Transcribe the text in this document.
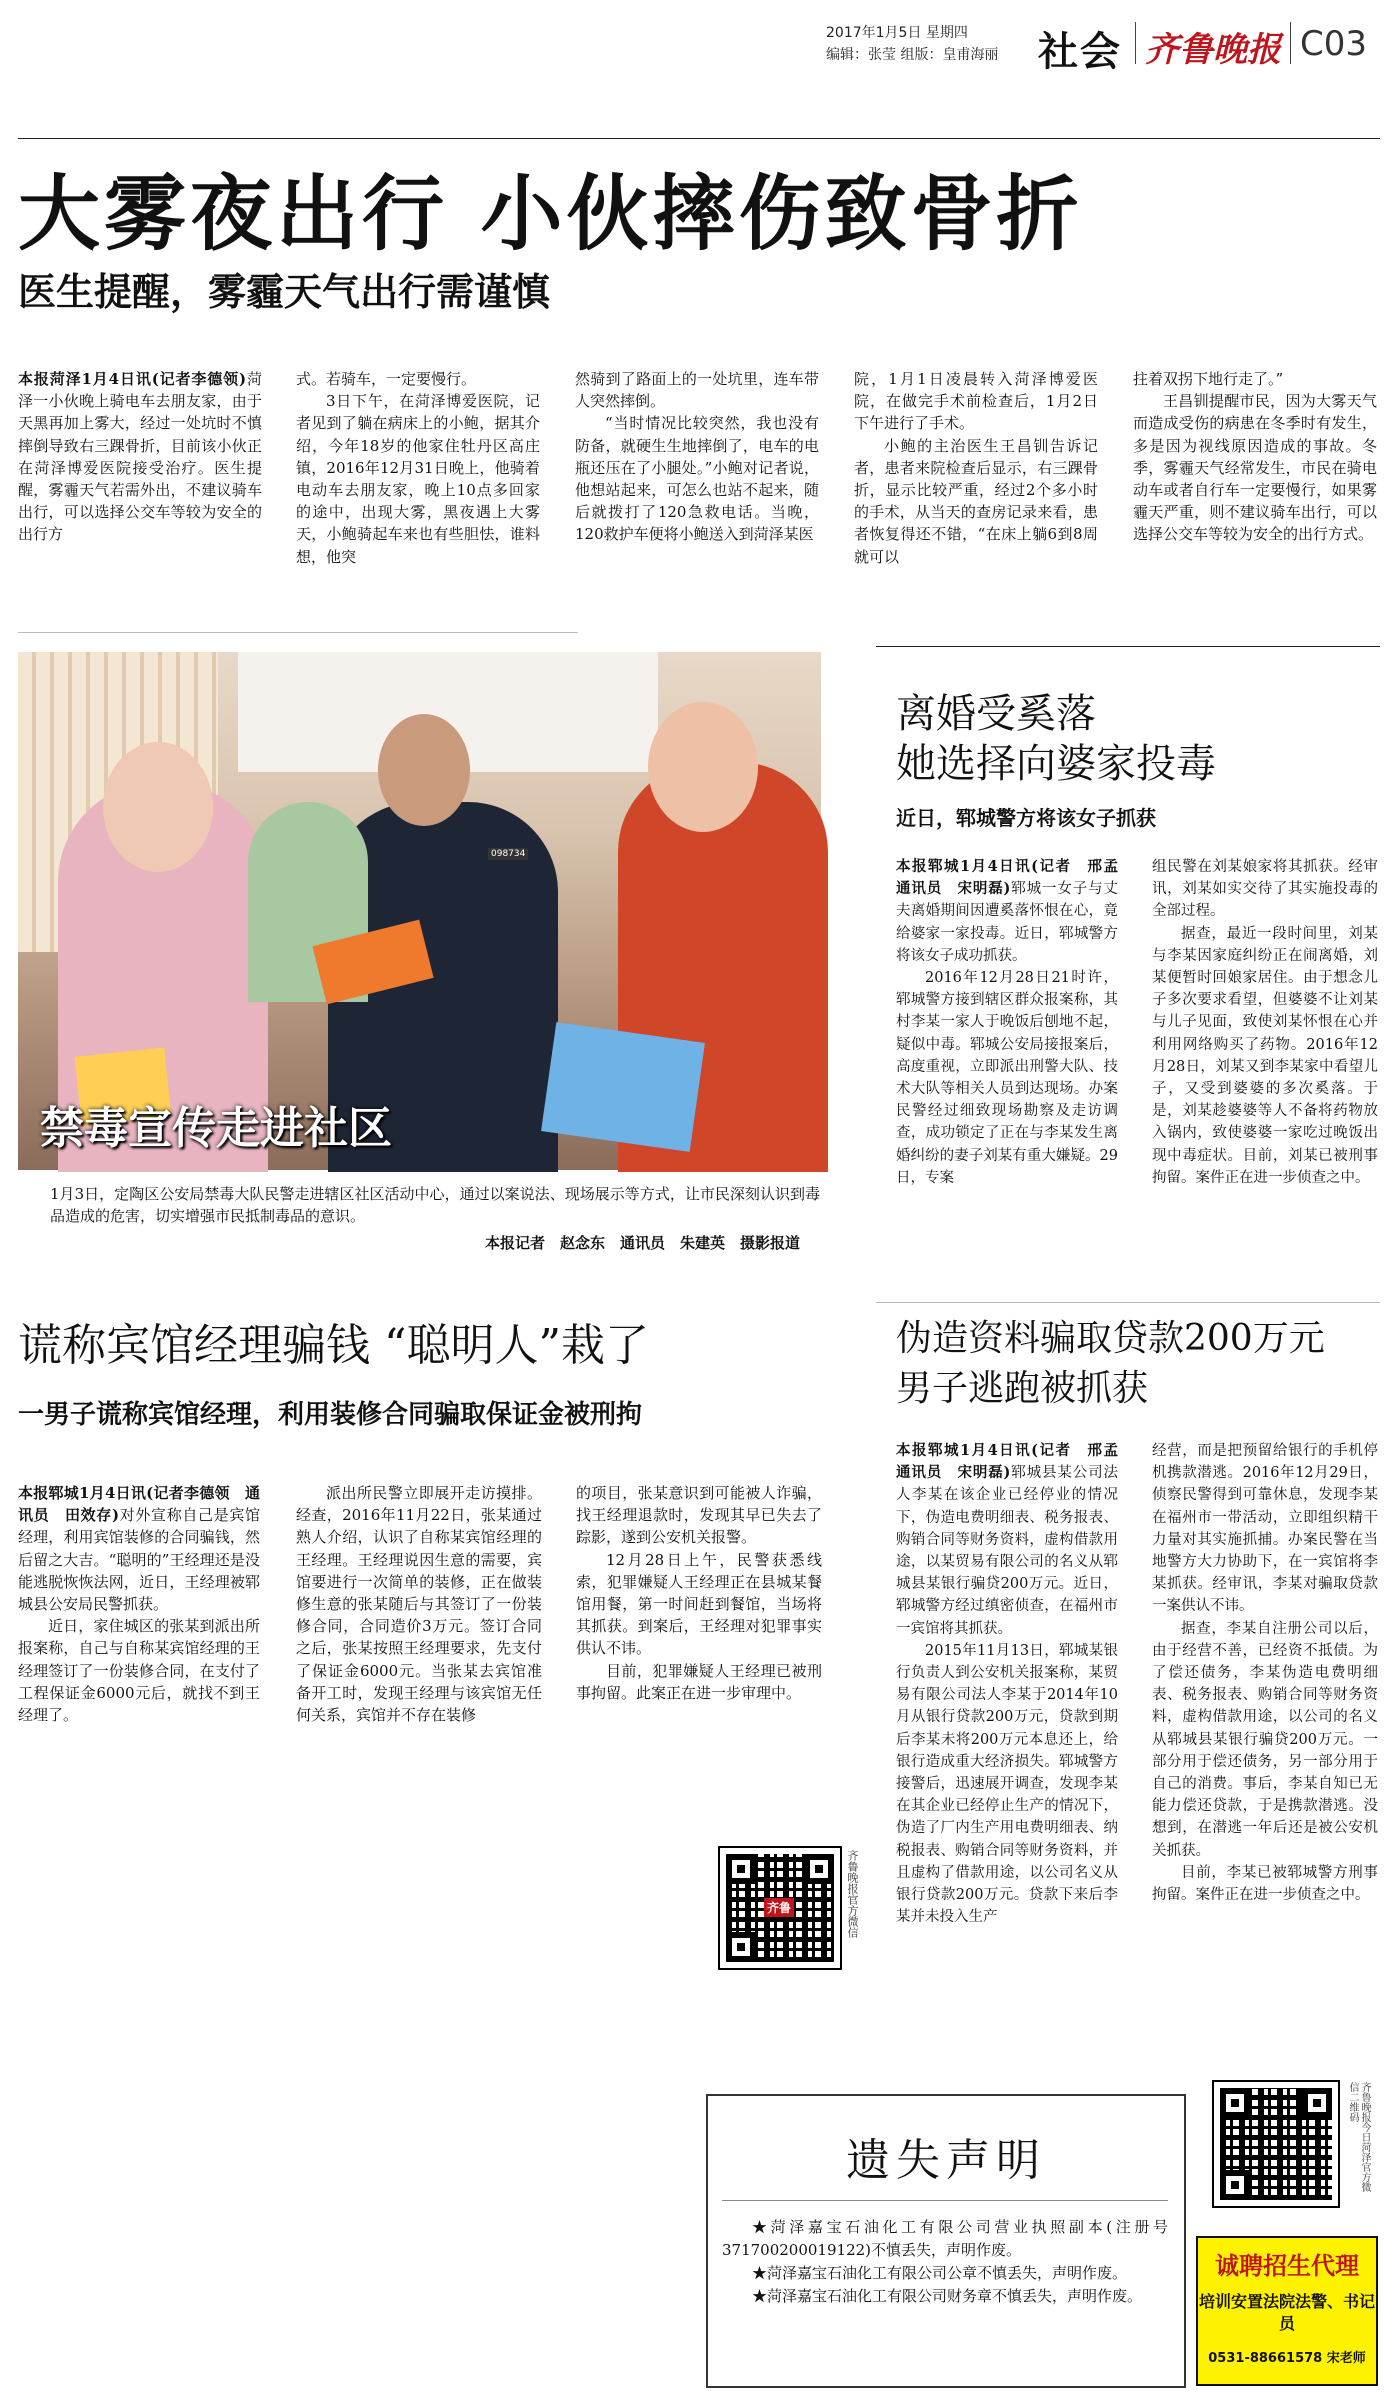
2017年1月5日 星期四
编辑：张莹 组版：皇甫海丽 社会 齐鲁晚报 C03
大雾夜出行 小伙摔伤致骨折
医生提醒，雾霾天气出行需谨慎

本报菏泽1月4日讯(记者李德领)菏泽一小伙晚上骑电车去朋友家，由于天黑再加上雾大，经过一处坑时不慎摔倒导致右三踝骨折，目前该小伙正在菏泽博爱医院接受治疗。医生提醒，雾霾天气若需外出，不建议骑车出行，可以选择公交车等较为安全的出行方

式。若骑车，一定要慢行。

3日下午，在菏泽博爱医院，记者见到了躺在病床上的小鲍，据其介绍，今年18岁的他家住牡丹区高庄镇，2016年12月31日晚上，他骑着电动车去朋友家，晚上10点多回家的途中，出现大雾，黑夜遇上大雾天，小鲍骑起车来也有些胆怯，谁料想，他突

然骑到了路面上的一处坑里，连车带人突然摔倒。

“当时情况比较突然，我也没有防备，就硬生生地摔倒了，电车的电瓶还压在了小腿处。”小鲍对记者说，他想站起来，可怎么也站不起来，随后就拨打了120急救电话。当晚，120救护车便将小鲍送入到菏泽某医

院，1月1日凌晨转入菏泽博爱医院，在做完手术前检查后，1月2日下午进行了手术。

小鲍的主治医生王昌钏告诉记者，患者来院检查后显示，右三踝骨折，显示比较严重，经过2个多小时的手术，从当天的查房记录来看，患者恢复得还不错，“在床上躺6到8周就可以

拄着双拐下地行走了。”

王昌钏提醒市民，因为大雾天气而造成受伤的病患在冬季时有发生，多是因为视线原因造成的事故。冬季，雾霾天气经常发生，市民在骑电动车或者自行车一定要慢行，如果雾霾天严重，则不建议骑车出行，可以选择公交车等较为安全的出行方式。

098734
禁毒宣传走进社区

1月3日，定陶区公安局禁毒大队民警走进辖区社区活动中心，通过以案说法、现场展示等方式，让市民深刻认识到毒品造成的危害，切实增强市民抵制毒品的意识。

本报记者　赵念东　通讯员　朱建英　摄影报道
离婚受奚落
她选择向婆家投毒
近日，郓城警方将该女子抓获

本报郓城1月4日讯(记者　邢孟　通讯员　宋明磊)郓城一女子与丈夫离婚期间因遭奚落怀恨在心，竟给婆家一家投毒。近日，郓城警方将该女子成功抓获。

2016年12月28日21时许，郓城警方接到辖区群众报案称，其村李某一家人于晚饭后刨地不起，疑似中毒。郓城公安局接报案后，高度重视，立即派出刑警大队、技术大队等相关人员到达现场。办案民警经过细致现场勘察及走访调查，成功锁定了正在与李某发生离婚纠纷的妻子刘某有重大嫌疑。29日，专案

组民警在刘某娘家将其抓获。经审讯，刘某如实交待了其实施投毒的全部过程。

据查，最近一段时间里，刘某与李某因家庭纠纷正在闹离婚，刘某便暂时回娘家居住。由于想念儿子多次要求看望，但婆婆不让刘某与儿子见面，致使刘某怀恨在心并利用网络购买了药物。2016年12月28日，刘某又到李某家中看望儿子，又受到婆婆的多次奚落。于是，刘某趁婆婆等人不备将药物放入锅内，致使婆婆一家吃过晚饭出现中毒症状。目前，刘某已被刑事拘留。案件正在进一步侦查之中。

谎称宾馆经理骗钱 “聪明人”栽了
一男子谎称宾馆经理，利用装修合同骗取保证金被刑拘

本报郓城1月4日讯(记者李德领　通讯员　田效存)对外宣称自己是宾馆经理，利用宾馆装修的合同骗钱，然后留之大吉。“聪明的”王经理还是没能逃脱恢恢法网，近日，王经理被郓城县公安局民警抓获。

近日，家住城区的张某到派出所报案称，自己与自称某宾馆经理的王经理签订了一份装修合同，在支付了工程保证金6000元后，就找不到王经理了。

派出所民警立即展开走访摸排。经查，2016年11月22日，张某通过熟人介绍，认识了自称某宾馆经理的王经理。王经理说因生意的需要，宾馆要进行一次简单的装修，正在做装修生意的张某随后与其签订了一份装修合同，合同造价3万元。签订合同之后，张某按照王经理要求，先支付了保证金6000元。当张某去宾馆准备开工时，发现王经理与该宾馆无任何关系，宾馆并不存在装修

的项目，张某意识到可能被人诈骗，找王经理退款时，发现其早已失去了踪影，遂到公安机关报警。

12月28日上午，民警获悉线索，犯罪嫌疑人王经理正在县城某餐馆用餐，第一时间赶到餐馆，当场将其抓获。到案后，王经理对犯罪事实供认不讳。

目前，犯罪嫌疑人王经理已被刑事拘留。此案正在进一步审理中。

伪造资料骗取贷款200万元
男子逃跑被抓获

本报郓城1月4日讯(记者　邢孟　通讯员　宋明磊)郓城县某公司法人李某在该企业已经停业的情况下，伪造电费明细表、税务报表、购销合同等财务资料，虚构借款用途，以某贸易有限公司的名义从郓城县某银行骗贷200万元。近日，郓城警方经过缜密侦查，在福州市一宾馆将其抓获。

2015年11月13日，郓城某银行负责人到公安机关报案称，某贸易有限公司法人李某于2014年10月从银行贷款200万元，贷款到期后李某未将200万元本息还上，给银行造成重大经济损失。郓城警方接警后，迅速展开调查，发现李某在其企业已经停止生产的情况下，伪造了厂内生产用电费明细表、纳税报表、购销合同等财务资料，并且虚构了借款用途，以公司名义从银行贷款200万元。贷款下来后李某并未投入生产

经营，而是把预留给银行的手机停机携款潜逃。2016年12月29日，侦察民警得到可靠休息，发现李某在福州市一带活动，立即组织精干力量对其实施抓捕。办案民警在当地警方大力协助下，在一宾馆将李某抓获。经审讯，李某对骗取贷款一案供认不讳。

据查，李某自注册公司以后，由于经营不善，已经资不抵债。为了偿还债务，李某伪造电费明细表、税务报表、购销合同等财务资料，虚构借款用途，以公司的名义从郓城县某银行骗贷200万元。一部分用于偿还债务，另一部分用于自己的消费。事后，李某自知已无能力偿还贷款，于是携款潜逃。没想到，在潜逃一年后还是被公安机关抓获。

目前，李某已被郓城警方刑事拘留。案件正在进一步侦查之中。

齐鲁	齐鲁晚报官方微信
遗失声明

★菏泽嘉宝石油化工有限公司营业执照副本(注册号371700200019122)不慎丢失，声明作废。

★菏泽嘉宝石油化工有限公司公章不慎丢失，声明作废。

★菏泽嘉宝石油化工有限公司财务章不慎丢失，声明作废。

齐鲁晚报今日菏泽官方微信二维码
诚聘招生代理
培训安置法院法警、书记员
0531-88661578 宋老师
